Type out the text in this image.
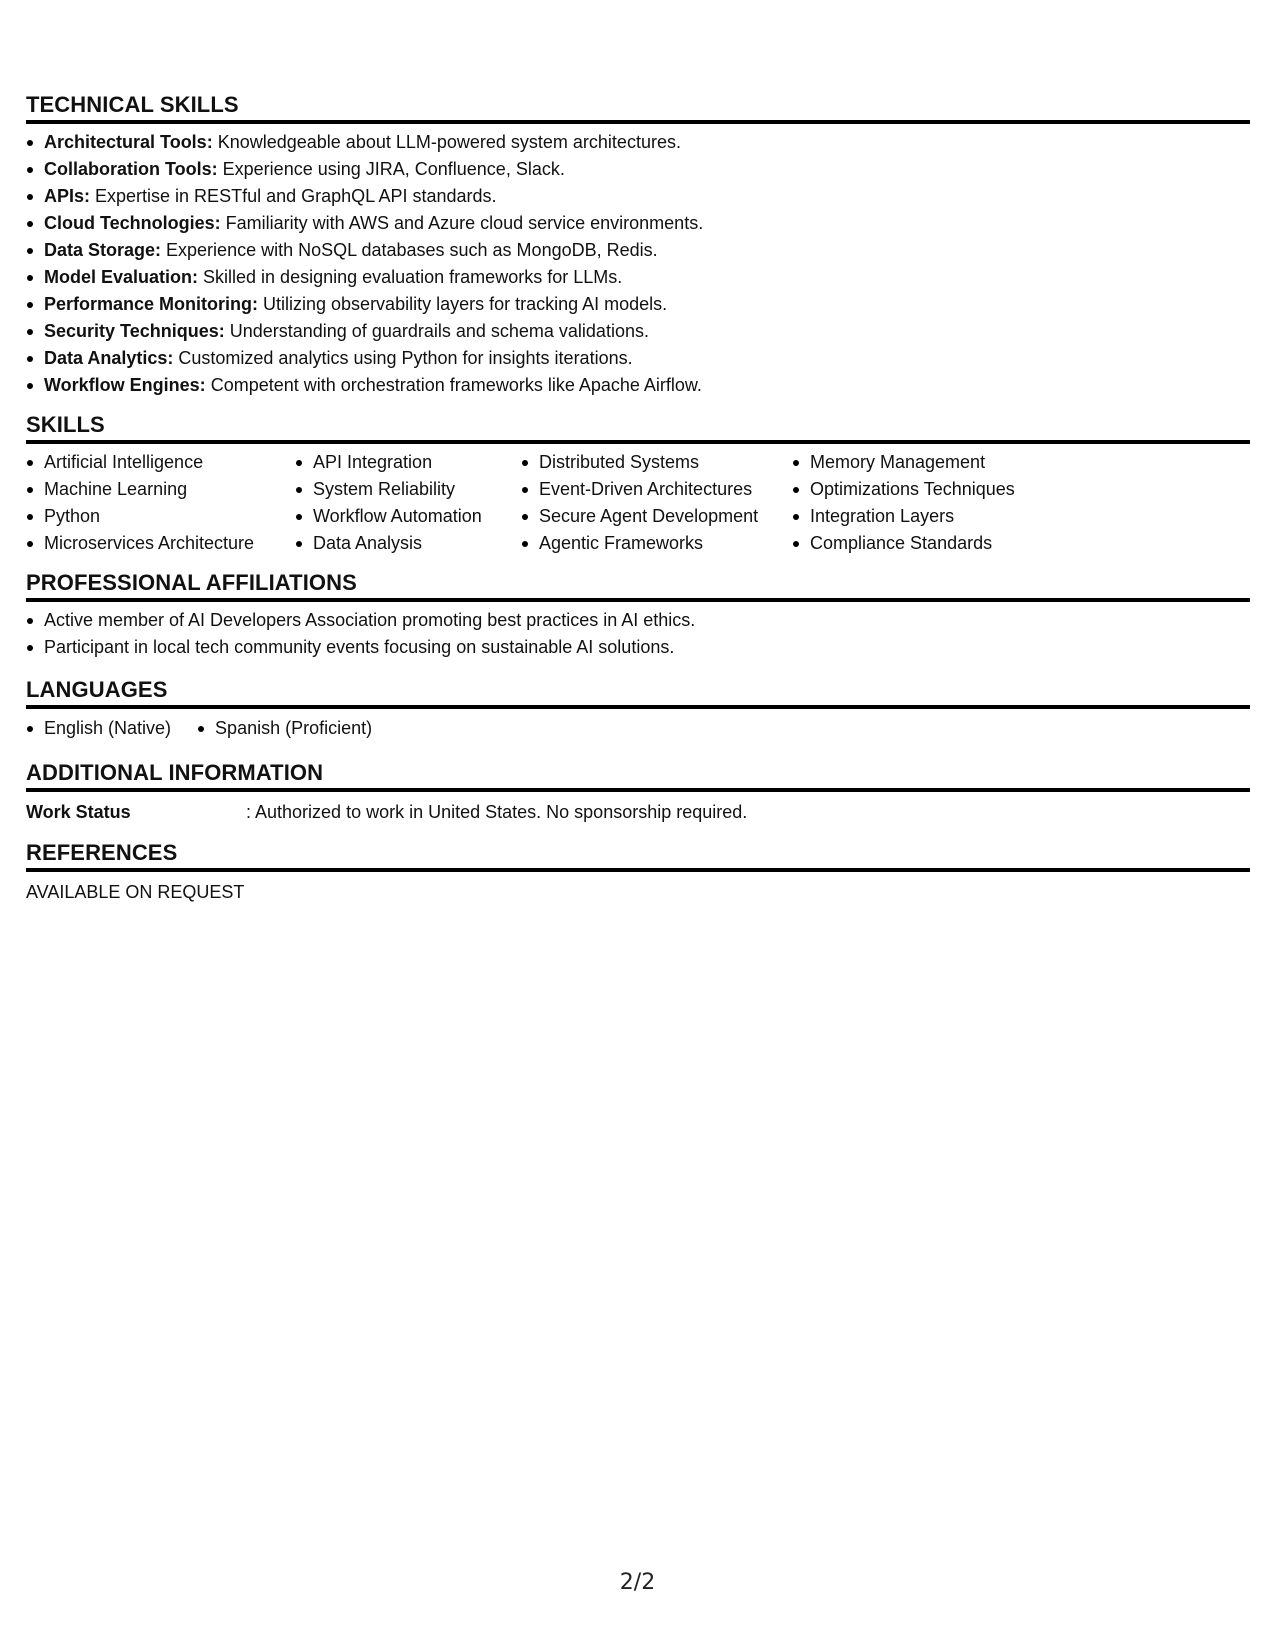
TECHNICAL SKILLS
Architectural Tools: Knowledgeable about LLM-powered system architectures.
Collaboration Tools: Experience using JIRA, Confluence, Slack.
APIs: Expertise in RESTful and GraphQL API standards.
Cloud Technologies: Familiarity with AWS and Azure cloud service environments.
Data Storage: Experience with NoSQL databases such as MongoDB, Redis.
Model Evaluation: Skilled in designing evaluation frameworks for LLMs.
Performance Monitoring: Utilizing observability layers for tracking AI models.
Security Techniques: Understanding of guardrails and schema validations.
Data Analytics: Customized analytics using Python for insights iterations.
Workflow Engines: Competent with orchestration frameworks like Apache Airflow.
SKILLS
Artificial Intelligence
Machine Learning
Python
Microservices Architecture
API Integration
System Reliability
Workflow Automation
Data Analysis
Distributed Systems
Event-Driven Architectures
Secure Agent Development
Agentic Frameworks
Memory Management
Optimizations Techniques
Integration Layers
Compliance Standards
PROFESSIONAL AFFILIATIONS
Active member of AI Developers Association promoting best practices in AI ethics.
Participant in local tech community events focusing on sustainable AI solutions.
LANGUAGES
English (Native)	Spanish (Proficient)
ADDITIONAL INFORMATION
Work Status	: Authorized to work in United States. No sponsorship required.
REFERENCES
AVAILABLE ON REQUEST
2/2
